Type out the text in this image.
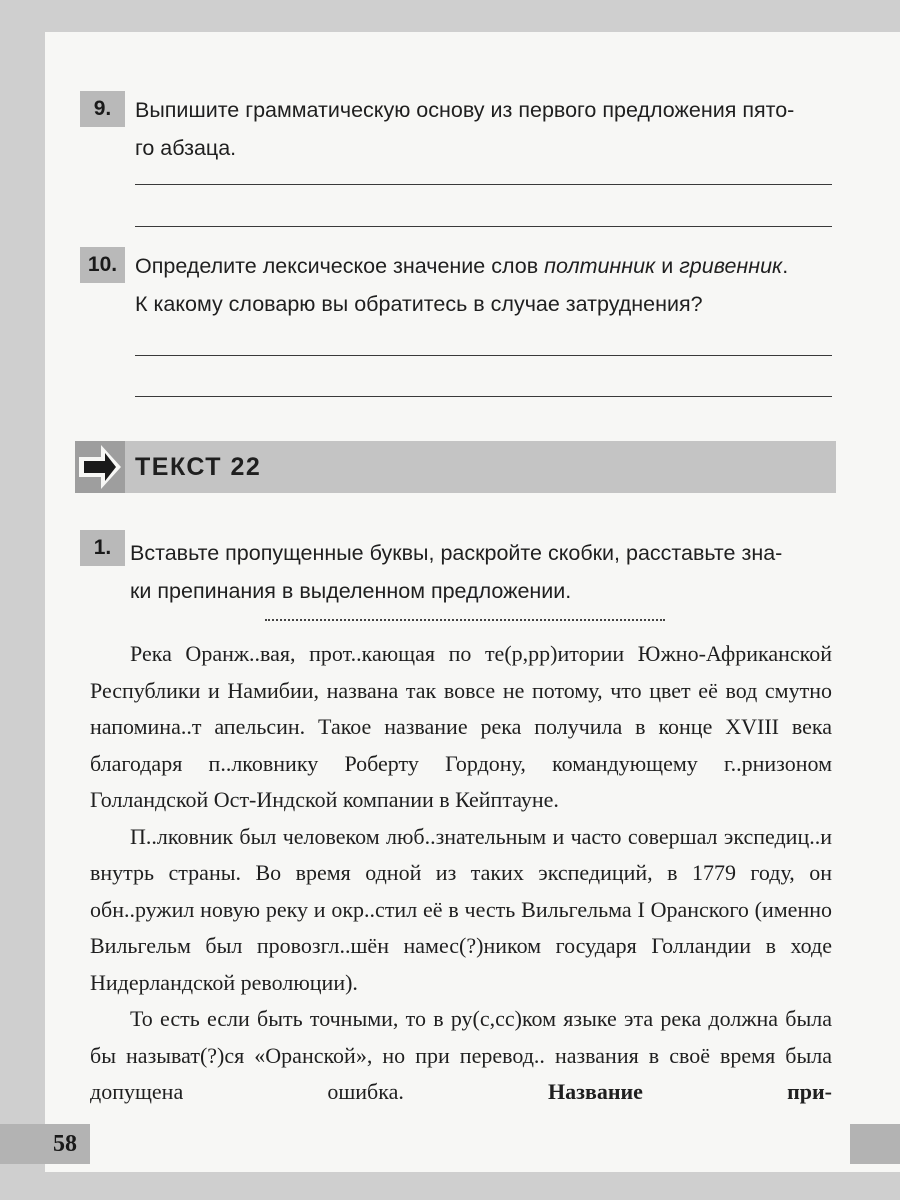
9.	Выпишите грамматическую основу из первого предложения пято-
го абзаца.
10. Определите лексическое значение слов полтинник и гривенник.
К какому словарю вы обратитесь в случае затруднения?
ТЕКСТ 22
1. Вставьте пропущенные буквы, раскройте скобки, расставьте зна-
ки препинания в выделенном предложении.

Река Оранж..вая, прот..кающая по те(р,рр)итории Южно-Африканской Республики и Намибии, названа так вовсе не потому, что цвет её вод смутно напомина..т апельсин. Такое название река получила в конце XVIII века благодаря п..лковнику Роберту Гордону, командующему г..рнизоном Голландской Ост-Индской компании в Кейптауне.

П..лковник был человеком люб..знательным и часто совершал экспедиц..и внутрь страны. Во время одной из таких экспедиций, в 1779 году, он обн..ружил новую реку и окр..стил её в честь Вильгельма I Оранского (именно Вильгельм был провозгл..шён намес(?)ником государя Голландии в ходе Нидерландской революции).

То есть если быть точными, то в ру(с,сс)ком языке эта река должна была бы называт(?)ся «Оранской», но при перевод.. названия в своё время была допущена ошибка. Название при-

58
